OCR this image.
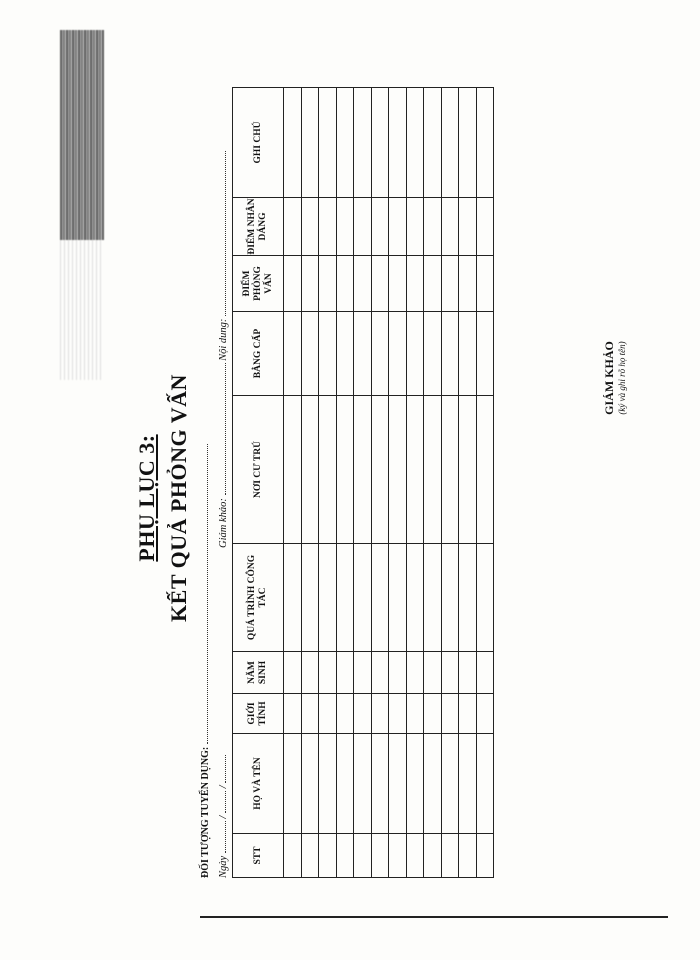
PHỤ LỤC 3: KẾT QUẢ PHỎNG VẤN
ĐỐI TƯỢNG TUYỂN DỤNG: Ngày  /  /
Giám khảo:  Nội dung:
STT	HỌ VÀ TÊN	GIỚI TÍNH	NĂM SINH	QUÁ TRÌNH CÔNG TÁC	NƠI CƯ TRÚ	BẰNG CẤP	ĐIỂM PHỎNG VẤN	ĐIỂM NHÂN DÁNG	GHI CHÚ

GIÁM KHẢO (ký và ghi rõ họ tên)
